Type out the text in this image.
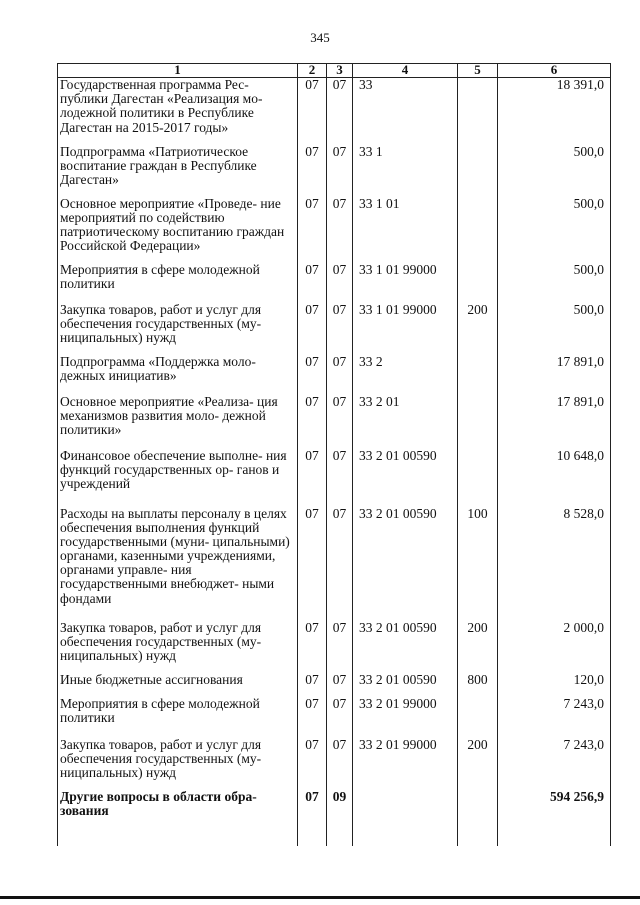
345
1	2	3	4	5	6
Государственная программа Рес- публики Дагестан «Реализация мо- лодежной политики в Республике Дагестан на 2015-2017 годы»	07	07	33		18 391,0
Подпрограмма «Патриотическое воспитание граждан в Республике Дагестан»	07	07	33 1		500,0
Основное мероприятие «Проведе- ние мероприятий по содействию патриотическому воспитанию граждан Российской Федерации»	07	07	33 1 01		500,0
Мероприятия в сфере молодежной политики	07	07	33 1 01 99000		500,0
Закупка товаров, работ и услуг для обеспечения государственных (му- ниципальных) нужд	07	07	33 1 01 99000	200	500,0
Подпрограмма «Поддержка моло- дежных инициатив»	07	07	33 2		17 891,0
Основное мероприятие «Реализа- ция механизмов развития моло- дежной политики»	07	07	33 2 01		17 891,0
Финансовое обеспечение выполне- ния функций государственных ор- ганов и учреждений	07	07	33 2 01 00590		10 648,0
Расходы на выплаты персоналу в целях обеспечения выполнения функций государственными (муни- ципальными) органами, казенными учреждениями, органами управле- ния государственными внебюджет- ными фондами	07	07	33 2 01 00590	100	8 528,0
Закупка товаров, работ и услуг для обеспечения государственных (му- ниципальных) нужд	07	07	33 2 01 00590	200	2 000,0
Иные бюджетные ассигнования	07	07	33 2 01 00590	800	120,0
Мероприятия в сфере молодежной политики	07	07	33 2 01 99000		7 243,0
Закупка товаров, работ и услуг для обеспечения государственных (му- ниципальных) нужд	07	07	33 2 01 99000	200	7 243,0
Другие вопросы в области обра- зования	07	09			594 256,9
